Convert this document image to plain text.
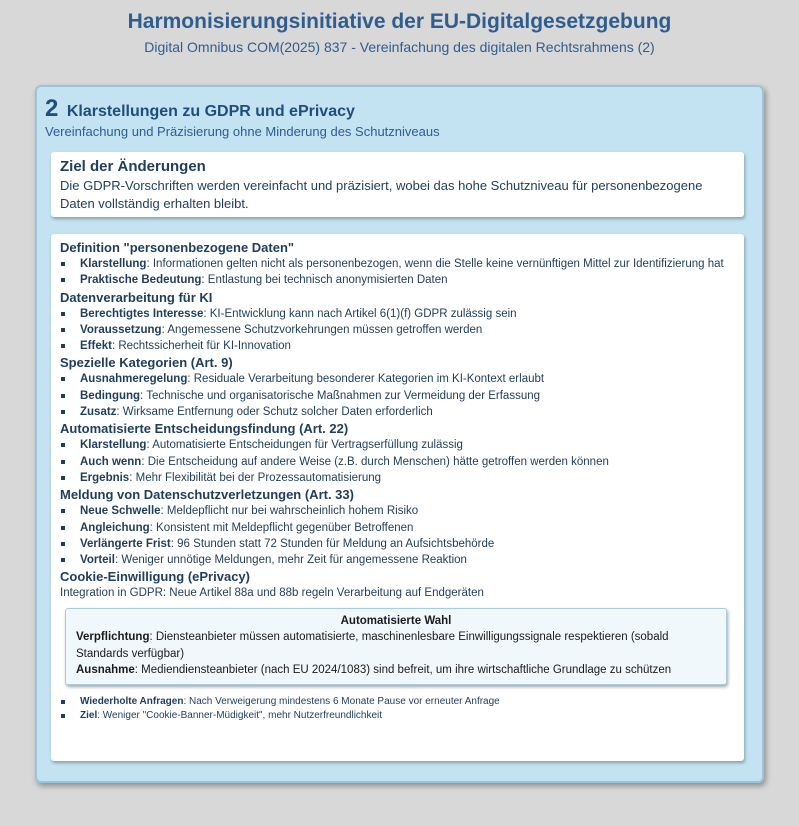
Harmonisierungsinitiative der EU-Digitalgesetzgebung
Digital Omnibus COM(2025) 837 - Vereinfachung des digitalen Rechtsrahmens (2)
2 Klarstellungen zu GDPR und ePrivacy
Vereinfachung und Präzisierung ohne Minderung des Schutzniveaus
Ziel der Änderungen
Die GDPR-Vorschriften werden vereinfacht und präzisiert, wobei das hohe Schutzniveau für personenbezogene Daten vollständig erhalten bleibt.
Definition "personenbezogene Daten"
Klarstellung: Informationen gelten nicht als personenbezogen, wenn die Stelle keine vernünftigen Mittel zur Identifizierung hat
Praktische Bedeutung: Entlastung bei technisch anonymisierten Daten
Datenverarbeitung für KI
Berechtigtes Interesse: KI-Entwicklung kann nach Artikel 6(1)(f) GDPR zulässig sein
Voraussetzung: Angemessene Schutzvorkehrungen müssen getroffen werden
Effekt: Rechtssicherheit für KI-Innovation
Spezielle Kategorien (Art. 9)
Ausnahmeregelung: Residuale Verarbeitung besonderer Kategorien im KI-Kontext erlaubt
Bedingung: Technische und organisatorische Maßnahmen zur Vermeidung der Erfassung
Zusatz: Wirksame Entfernung oder Schutz solcher Daten erforderlich
Automatisierte Entscheidungsfindung (Art. 22)
Klarstellung: Automatisierte Entscheidungen für Vertragserfüllung zulässig
Auch wenn: Die Entscheidung auf andere Weise (z.B. durch Menschen) hätte getroffen werden können
Ergebnis: Mehr Flexibilität bei der Prozessautomatisierung
Meldung von Datenschutzverletzungen (Art. 33)
Neue Schwelle: Meldepflicht nur bei wahrscheinlich hohem Risiko
Angleichung: Konsistent mit Meldepflicht gegenüber Betroffenen
Verlängerte Frist: 96 Stunden statt 72 Stunden für Meldung an Aufsichtsbehörde
Vorteil: Weniger unnötige Meldungen, mehr Zeit für angemessene Reaktion
Cookie-Einwilligung (ePrivacy)
Integration in GDPR: Neue Artikel 88a und 88b regeln Verarbeitung auf Endgeräten
Automatisierte Wahl
Verpflichtung: Diensteanbieter müssen automatisierte, maschinenlesbare Einwilligungssignale respektieren (sobald Standards verfügbar)
Ausnahme: Mediendiensteanbieter (nach EU 2024/1083) sind befreit, um ihre wirtschaftliche Grundlage zu schützen
Wiederholte Anfragen: Nach Verweigerung mindestens 6 Monate Pause vor erneuter Anfrage
Ziel: Weniger "Cookie-Banner-Müdigkeit", mehr Nutzerfreundlichkeit
